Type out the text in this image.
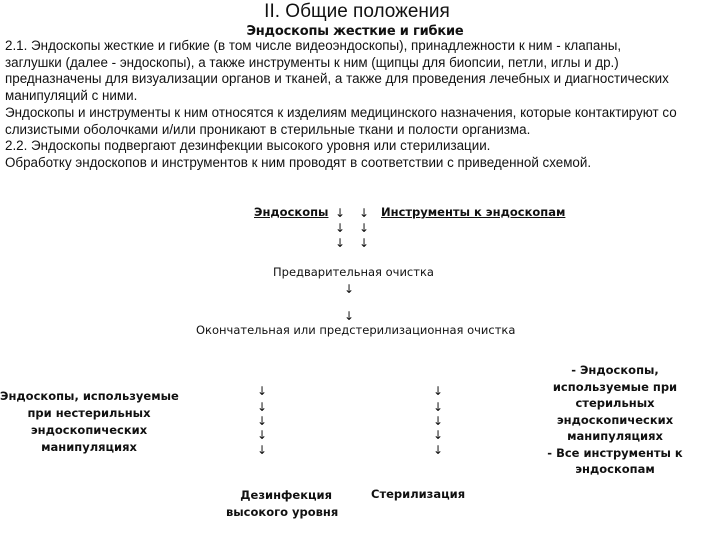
II. Общие положения
Эндоскопы жесткие и гибкие
2.1. Эндоскопы жесткие и гибкие (в том числе видеоэндоскопы), принадлежности к ним - клапаны,
заглушки (далее - эндоскопы), а также инструменты к ним (щипцы для биопсии, петли, иглы и др.)
предназначены для визуализации органов и тканей, а также для проведения лечебных и диагностических
манипуляций с ними.
Эндоскопы и инструменты к ним относятся к изделиям медицинского назначения, которые контактируют со
слизистыми оболочками и/или проникают в стерильные ткани и полости организма.
2.2. Эндоскопы подвергают дезинфекции высокого уровня или стерилизации.
Обработку эндоскопов и инструментов к ним проводят в соответствии с приведенной схемой.
Эндоскопы	Инструменты к эндоскопам
↓ ↓
↓ ↓
↓ ↓
Предварительная очистка
↓
↓
Окончательная или предстерилизационная очистка
Эндоскопы, используемые
при нестерильных
эндоскопических
манипуляциях
↓
↓
↓
↓
↓
↓
↓
↓
↓
↓
- Эндоскопы,
используемые при
стерильных
эндоскопических
манипуляциях
- Все инструменты к
эндоскопам
Дезинфекция
высокого уровня
Стерилизация
